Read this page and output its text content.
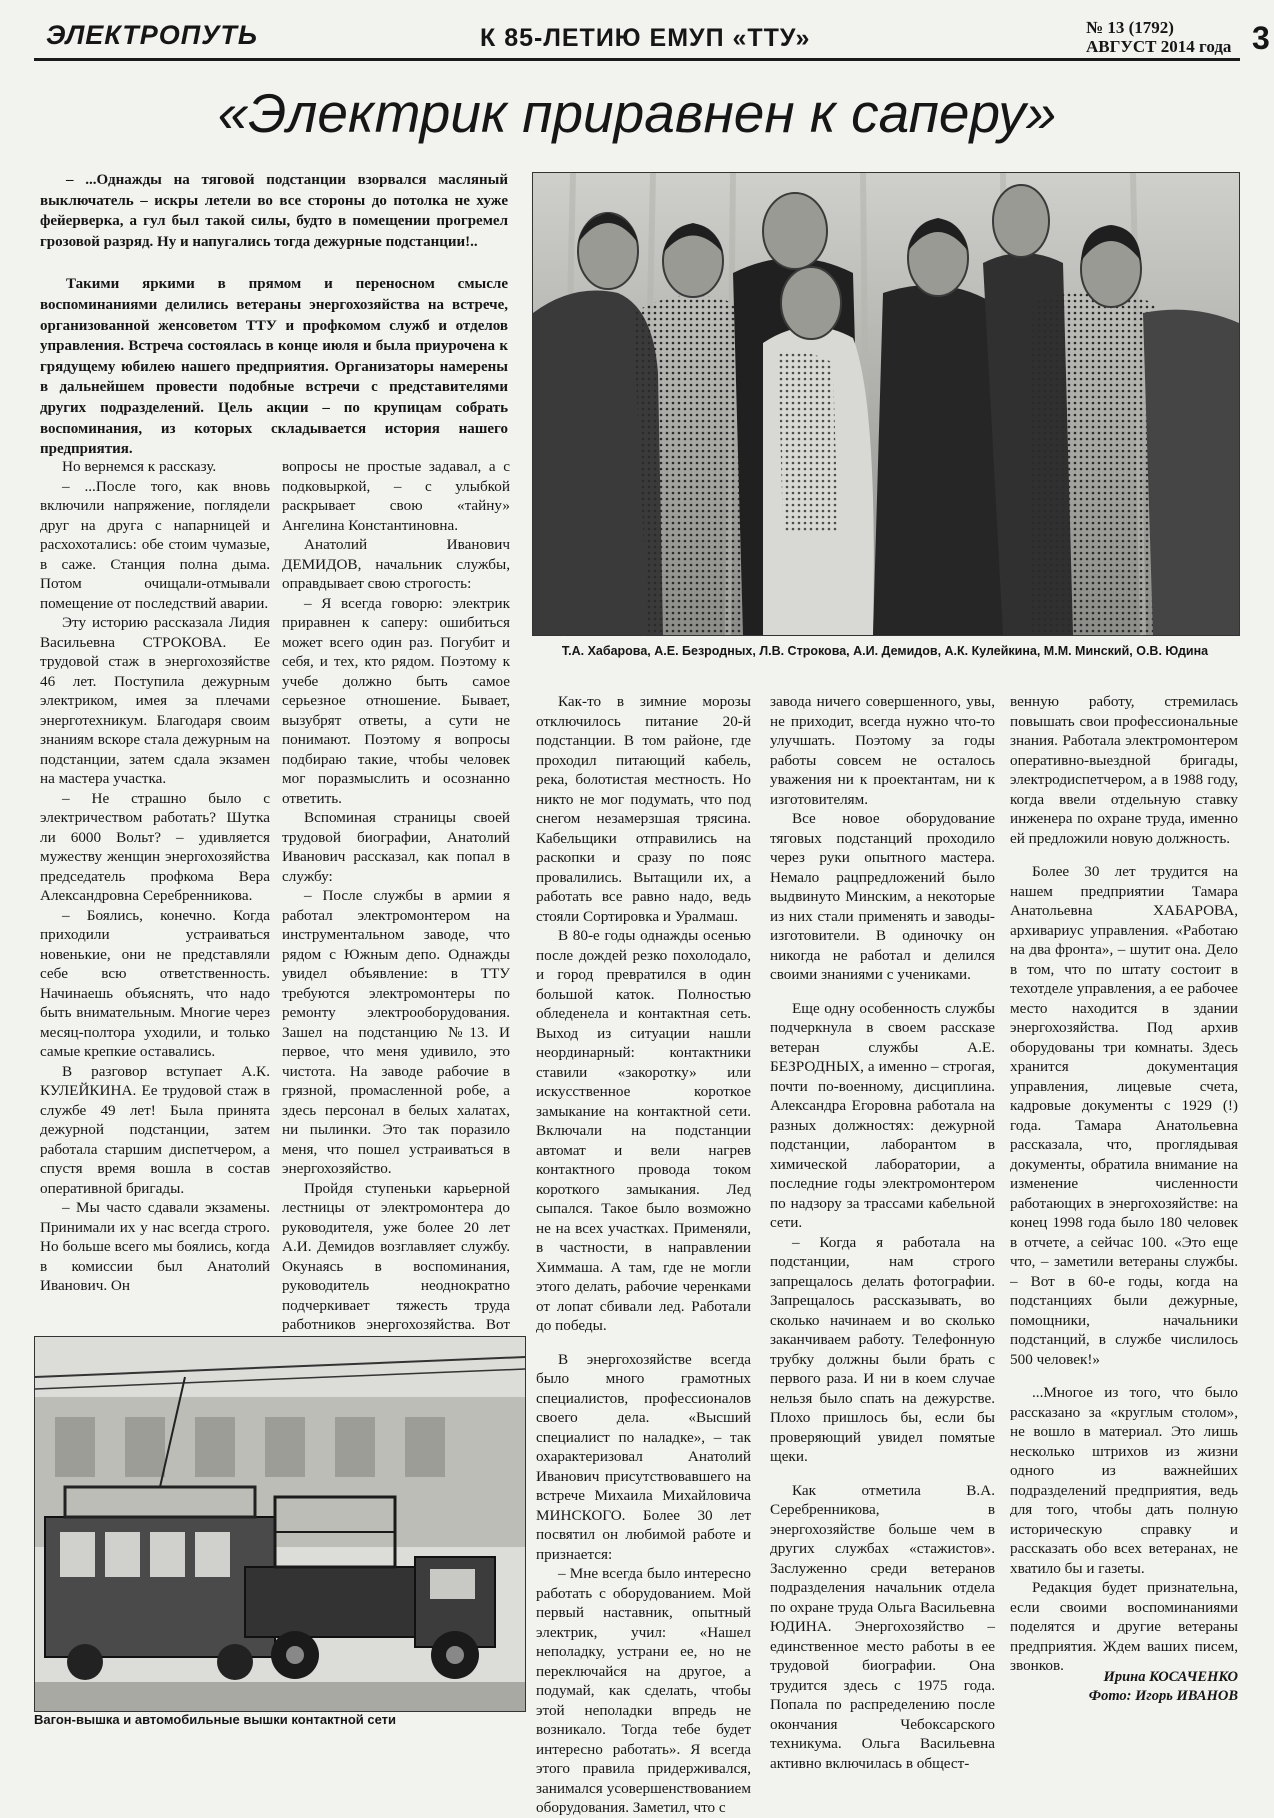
ЭЛЕКТРОПУТЬ	К 85-ЛЕТИЮ ЕМУП «ТТУ»	№ 13 (1792)
АВГУСТ 2014 года 3
«Электрик приравнен к саперу»

– ...Однажды на тяговой подстанции взорвался масляный выключатель – искры летели во все стороны до потолка не хуже фейерверка, а гул был такой силы, будто в помещении прогремел грозовой разряд. Ну и напугались тогда дежурные подстанции!..

Такими яркими в прямом и переносном смысле воспоминаниями делились ветераны энергохозяйства на встрече, организованной женсоветом ТТУ и профкомом служб и отделов управления. Встреча состоялась в конце июля и была приурочена к грядущему юбилею нашего предприятия. Организаторы намерены в дальнейшем провести подобные встречи с представителями других подразделений. Цель акции – по крупицам собрать воспоминания, из которых складывается история нашего предприятия.

Т.А. Хабарова, А.Е. Безродных, Л.В. Строкова, А.И. Демидов, А.К. Кулейкина, М.М. Минский, О.В. Юдина

Но вернемся к рассказу.

– ...После того, как вновь включили напряжение, поглядели друг на друга с напарницей и расхохотались: обе стоим чумазые, в саже. Станция полна дыма. Потом очищали-отмывали помещение от последствий аварии.

Эту историю рассказала Лидия Васильевна СТРОКОВА. Ее трудовой стаж в энергохозяйстве 46 лет. Поступила дежурным электриком, имея за плечами энерготехникум. Благодаря своим знаниям вскоре стала дежурным на подстанции, затем сдала экзамен на мастера участка.

– Не страшно было с электричеством работать? Шутка ли 6000 Вольт? – удивляется мужеству женщин энергохозяйства председатель профкома Вера Александровна Серебренникова.

– Боялись, конечно. Когда приходили устраиваться новенькие, они не представляли себе всю ответственность. Начинаешь объяснять, что надо быть внимательным. Многие через месяц-полтора уходили, и только самые крепкие оставались.

В разговор вступает А.К. КУЛЕЙКИНА. Ее трудовой стаж в службе 49 лет! Была принята дежурной подстанции, затем работала старшим диспетчером, а спустя время вошла в состав оперативной бригады.

– Мы часто сдавали экзамены. Принимали их у нас всегда строго. Но больше всего мы боялись, когда в комиссии был Анатолий Иванович. Он

вопросы не простые задавал, а с подковыркой, – с улыбкой раскрывает свою «тайну» Ангелина Константиновна.

Анатолий Иванович ДЕМИДОВ, начальник службы, оправдывает свою строгость:

– Я всегда говорю: электрик приравнен к саперу: ошибиться может всего один раз. Погубит и себя, и тех, кто рядом. Поэтому к учебе должно быть самое серьезное отношение. Бывает, вызубрят ответы, а сути не понимают. Поэтому я вопросы подбираю такие, чтобы человек мог поразмыслить и осознанно ответить.

Вспоминая страницы своей трудовой биографии, Анатолий Иванович рассказал, как попал в службу:

– После службы в армии я работал электромонтером на инструментальном заводе, что рядом с Южным депо. Однажды увидел объявление: в ТТУ требуются электромонтеры по ремонту электрооборудования. Зашел на подстанцию №13. И первое, что меня удивило, это чистота. На заводе рабочие в грязной, промасленной робе, а здесь персонал в белых халатах, ни пылинки. Это так поразило меня, что пошел устраиваться в энергохозяйство.

Пройдя ступеньки карьерной лестницы от электромонтера до руководителя, уже более 20 лет А.И. Демидов возглавляет службу. Окунаясь в воспоминания, руководитель неоднократно подчеркивает тяжесть труда работников энергохозяйства. Вот

Вагон-вышка и автомобильные вышки контактной сети

Как-то в зимние морозы отключилось питание 20-й подстанции. В том районе, где проходил питающий кабель, река, болотистая местность. Но никто не мог подумать, что под снегом незамерзшая трясина. Кабельщики отправились на раскопки и сразу по пояс провалились. Вытащили их, а работать все равно надо, ведь стояли Сортировка и Уралмаш.

В 80-е годы однажды осенью после дождей резко похолодало, и город превратился в один большой каток. Полностью обледенела и контактная сеть. Выход из ситуации нашли неординарный: контактники ставили «закоротку» или искусственное короткое замыкание на контактной сети. Включали на подстанции автомат и вели нагрев контактного провода током короткого замыкания. Лед сыпался. Такое было возможно не на всех участках. Применяли, в частности, в направлении Химмаша. А там, где не могли этого делать, рабочие черенками от лопат сбивали лед. Работали до победы.

В энергохозяйстве всегда было много грамотных специалистов, профессионалов своего дела. «Высший специалист по наладке», – так охарактеризовал Анатолий Иванович присутствовавшего на встрече Михаила Михайловича МИНСКОГО. Более 30 лет посвятил он любимой работе и признается:

– Мне всегда было интересно работать с оборудованием. Мой первый наставник, опытный электрик, учил: «Нашел неполадку, устрани ее, но не переключайся на другое, а подумай, как сделать, чтобы этой неполадки впредь не возникало. Тогда тебе будет интересно работать». Я всегда этого правила придерживался, занимался усовершенствованием оборудования. Заметил, что с

завода ничего совершенного, увы, не приходит, всегда нужно что-то улучшать. Поэтому за годы работы совсем не осталось уважения ни к проектантам, ни к изготовителям.

Все новое оборудование тяговых подстанций проходило через руки опытного мастера. Немало рацпредложений было выдвинуто Минским, а некоторые из них стали применять и заводы-изготовители. В одиночку он никогда не работал и делился своими знаниями с учениками.

Еще одну особенность службы подчеркнула в своем рассказе ветеран службы А.Е. БЕЗРОДНЫХ, а именно – строгая, почти по-военному, дисциплина. Александра Егоровна работала на разных должностях: дежурной подстанции, лаборантом в химической лаборатории, а последние годы электромонтером по надзору за трассами кабельной сети.

– Когда я работала на подстанции, нам строго запрещалось делать фотографии. Запрещалось рассказывать, во сколько начинаем и во сколько заканчиваем работу. Телефонную трубку должны были брать с первого раза. И ни в коем случае нельзя было спать на дежурстве. Плохо пришлось бы, если бы проверяющий увидел помятые щеки.

Как отметила В.А. Серебренникова, в энергохозяйстве больше чем в других службах «стажистов». Заслуженно среди ветеранов подразделения начальник отдела по охране труда Ольга Васильевна ЮДИНА. Энергохозяйство – единственное место работы в ее трудовой биографии. Она трудится здесь с 1975 года. Попала по распределению после окончания Чебоксарского техникума. Ольга Васильевна активно включилась в общест-

венную работу, стремилась повышать свои профессиональные знания. Работала электромонтером оперативно-выездной бригады, электродиспетчером, а в 1988 году, когда ввели отдельную ставку инженера по охране труда, именно ей предложили новую должность.

Более 30 лет трудится на нашем предприятии Тамара Анатольевна ХАБАРОВА, архивариус управления. «Работаю на два фронта», – шутит она. Дело в том, что по штату состоит в техотделе управления, а ее рабочее место находится в здании энергохозяйства. Под архив оборудованы три комнаты. Здесь хранится документация управления, лицевые счета, кадровые документы с 1929 (!) года. Тамара Анатольевна рассказала, что, проглядывая документы, обратила внимание на изменение численности работающих в энергохозяйстве: на конец 1998 года было 180 человек в отчете, а сейчас 100. «Это еще что, – заметили ветераны службы. – Вот в 60-е годы, когда на подстанциях были дежурные, помощники, начальники подстанций, в службе числилось 500 человек!»

...Многое из того, что было рассказано за «круглым столом», не вошло в материал. Это лишь несколько штрихов из жизни одного из важнейших подразделений предприятия, ведь для того, чтобы дать полную историческую справку и рассказать обо всех ветеранах, не хватило бы и газеты.

Редакция будет признательна, если своими воспоминаниями поделятся и другие ветераны предприятия. Ждем ваших писем, звонков.

Ирина КОСАЧЕНКО
Фото: Игорь ИВАНОВ
